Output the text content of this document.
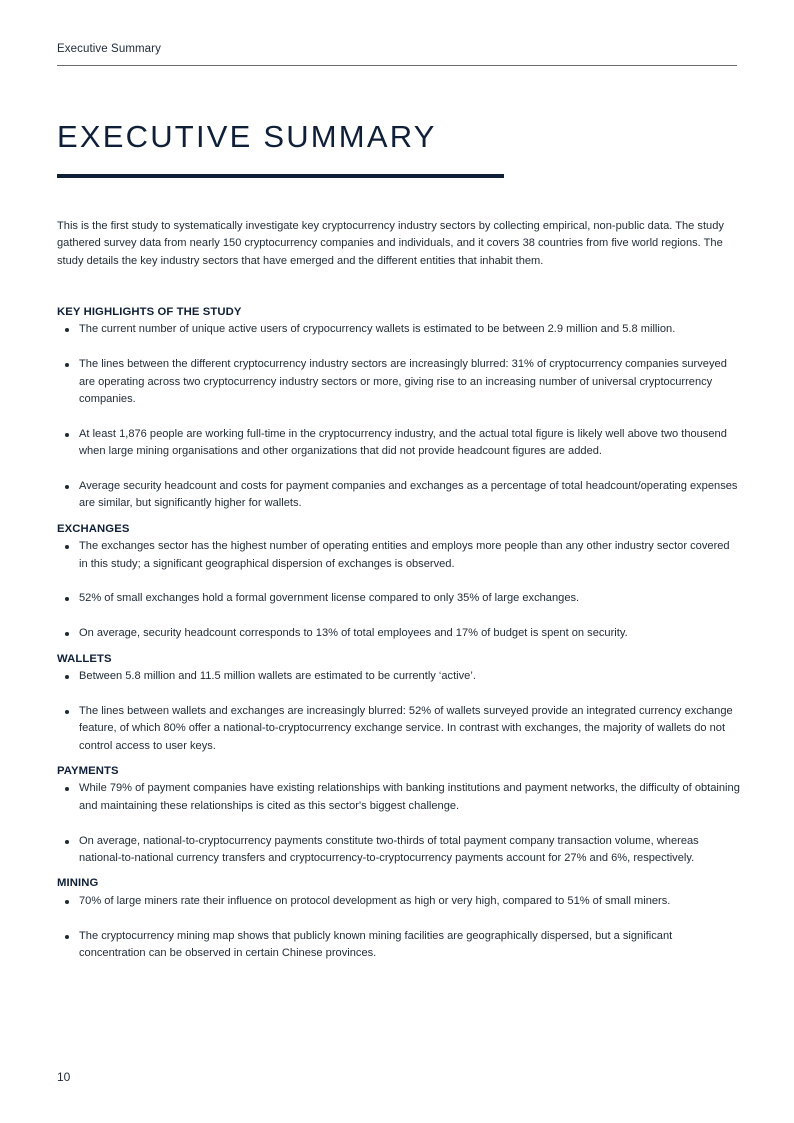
Executive Summary
EXECUTIVE SUMMARY

This is the first study to systematically investigate key cryptocurrency industry sectors by collecting empirical, non-public data. The study gathered survey data from nearly 150 cryptocurrency companies and individuals, and it covers 38 countries from five world regions. The study details the key industry sectors that have emerged and the different entities that inhabit them.

KEY HIGHLIGHTS OF THE STUDY
The current number of unique active users of crypocurrency wallets is estimated to be between 2.9 million and 5.8 million.
The lines between the different cryptocurrency industry sectors are increasingly blurred: 31% of cryptocurrency companies surveyed are operating across two cryptocurrency industry sectors or more, giving rise to an increasing number of universal cryptocurrency companies.
At least 1,876 people are working full-time in the cryptocurrency industry, and the actual total figure is likely well above two thousend when large mining organisations and other organizations that did not provide headcount figures are added.
Average security headcount and costs for payment companies and exchanges as a percentage of total headcount/operating expenses are similar, but significantly higher for wallets.
EXCHANGES
The exchanges sector has the highest number of operating entities and employs more people than any other industry sector covered in this study; a significant geographical dispersion of exchanges is observed.
52% of small exchanges hold a formal government license compared to only 35% of large exchanges.
On average, security headcount corresponds to 13% of total employees and 17% of budget is spent on security.
WALLETS
Between 5.8 million and 11.5 million wallets are estimated to be currently ‘active’.
The lines between wallets and exchanges are increasingly blurred: 52% of wallets surveyed provide an integrated currency exchange feature, of which 80% offer a national-to-cryptocurrency exchange service. In contrast with exchanges, the majority of wallets do not control access to user keys.
PAYMENTS
While 79% of payment companies have existing relationships with banking institutions and payment networks, the difficulty of obtaining and maintaining these relationships is cited as this sector's biggest challenge.
On average, national-to-cryptocurrency payments constitute two-thirds of total payment company transaction volume, whereas national-to-national currency transfers and cryptocurrency-to-cryptocurrency payments account for 27% and 6%, respectively.
MINING
70% of large miners rate their influence on protocol development as high or very high, compared to 51% of small miners.
The cryptocurrency mining map shows that publicly known mining facilities are geographically dispersed, but a significant concentration can be observed in certain Chinese provinces.
10
